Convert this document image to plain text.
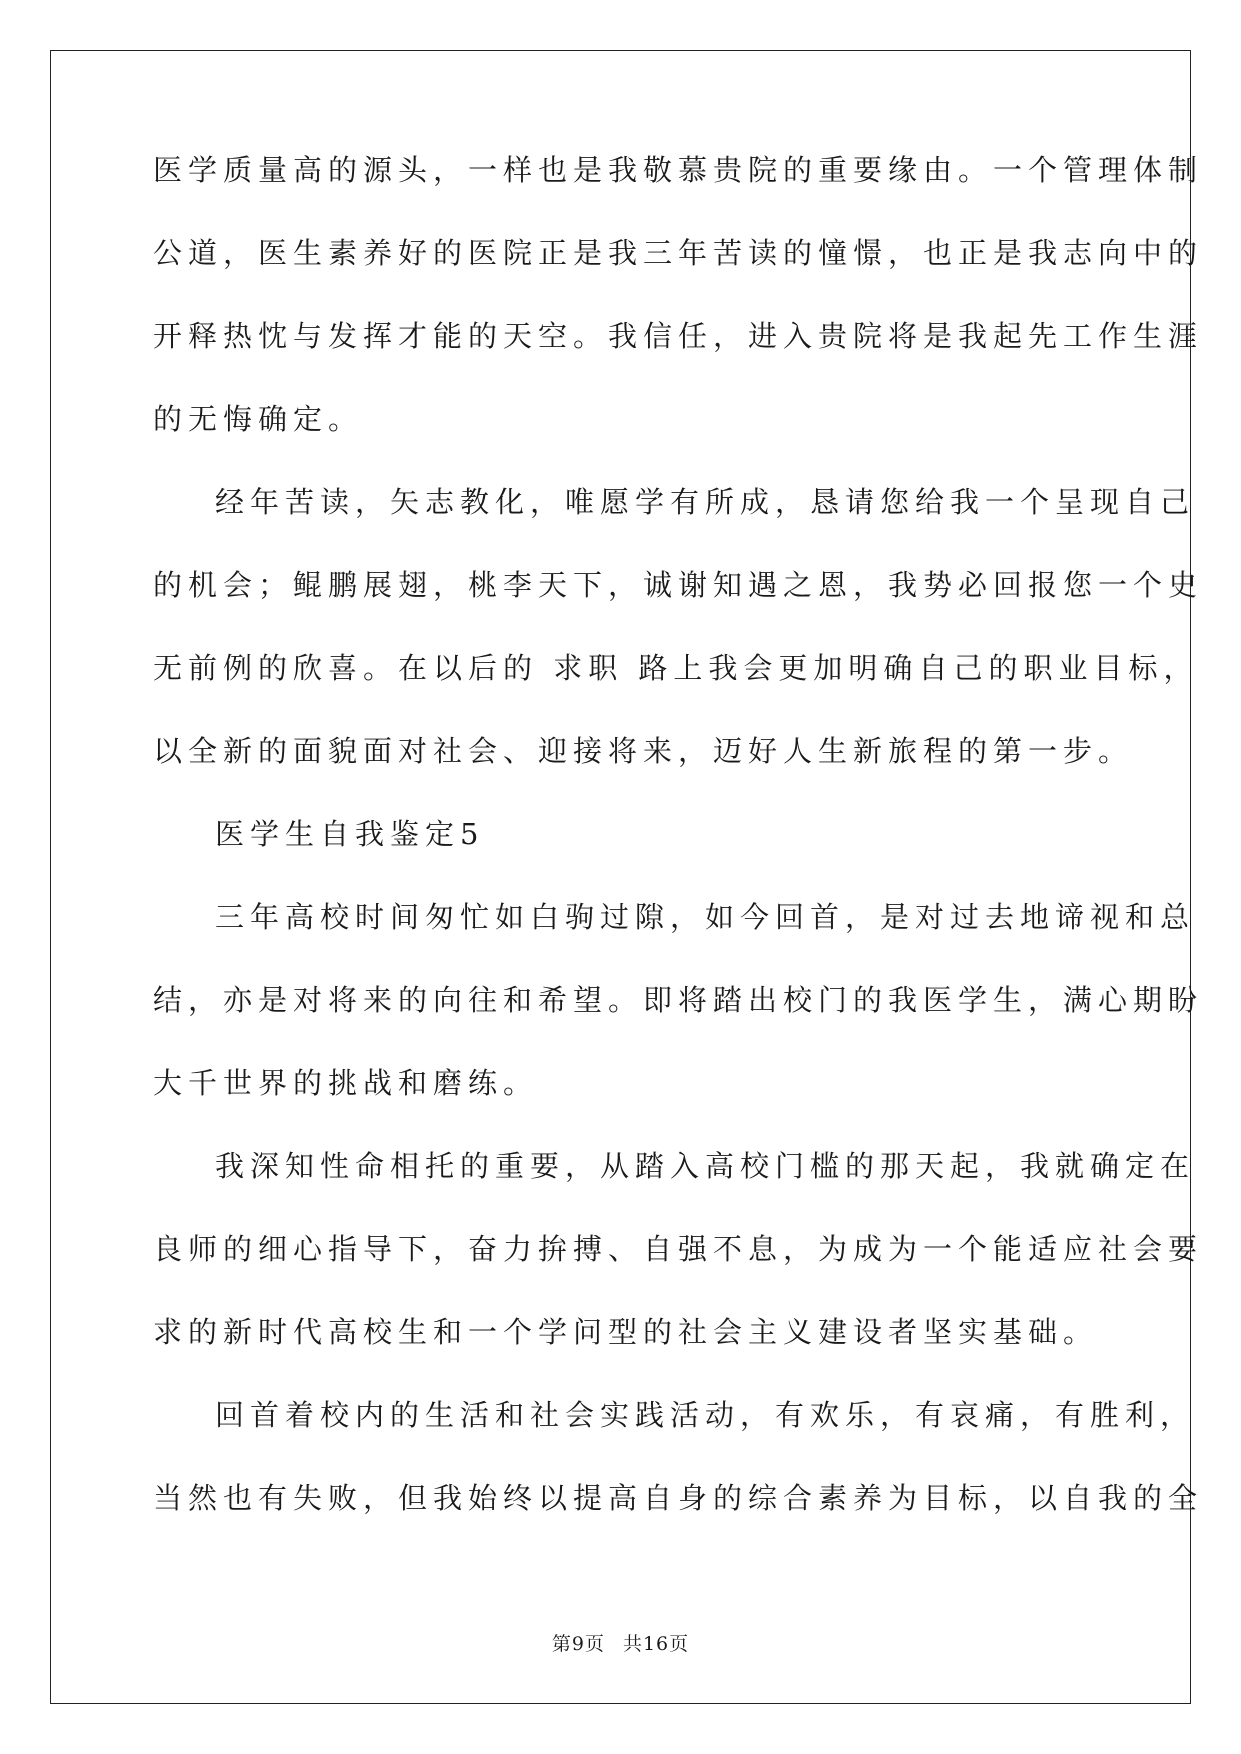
医学质量高的源头，一样也是我敬慕贵院的重要缘由。一个管理体制
公道，医生素养好的医院正是我三年苦读的憧憬，也正是我志向中的
开释热忱与发挥才能的天空。我信任，进入贵院将是我起先工作生涯
的无悔确定。
经年苦读，矢志教化，唯愿学有所成，恳请您给我一个呈现自己
的机会；鲲鹏展翅，桃李天下，诚谢知遇之恩，我势必回报您一个史
无前例的欣喜。在以后的 求职 路上我会更加明确自己的职业目标，
以全新的面貌面对社会、迎接将来，迈好人生新旅程的第一步。
医学生自我鉴定5
三年高校时间匆忙如白驹过隙，如今回首，是对过去地谛视和总
结，亦是对将来的向往和希望。即将踏出校门的我医学生，满心期盼
大千世界的挑战和磨练。
我深知性命相托的重要，从踏入高校门槛的那天起，我就确定在
良师的细心指导下，奋力拚搏、自强不息，为成为一个能适应社会要
求的新时代高校生和一个学问型的社会主义建设者坚实基础。
回首着校内的生活和社会实践活动，有欢乐，有哀痛，有胜利，
当然也有失败，但我始终以提高自身的综合素养为目标，以自我的全
第9页 共16页
